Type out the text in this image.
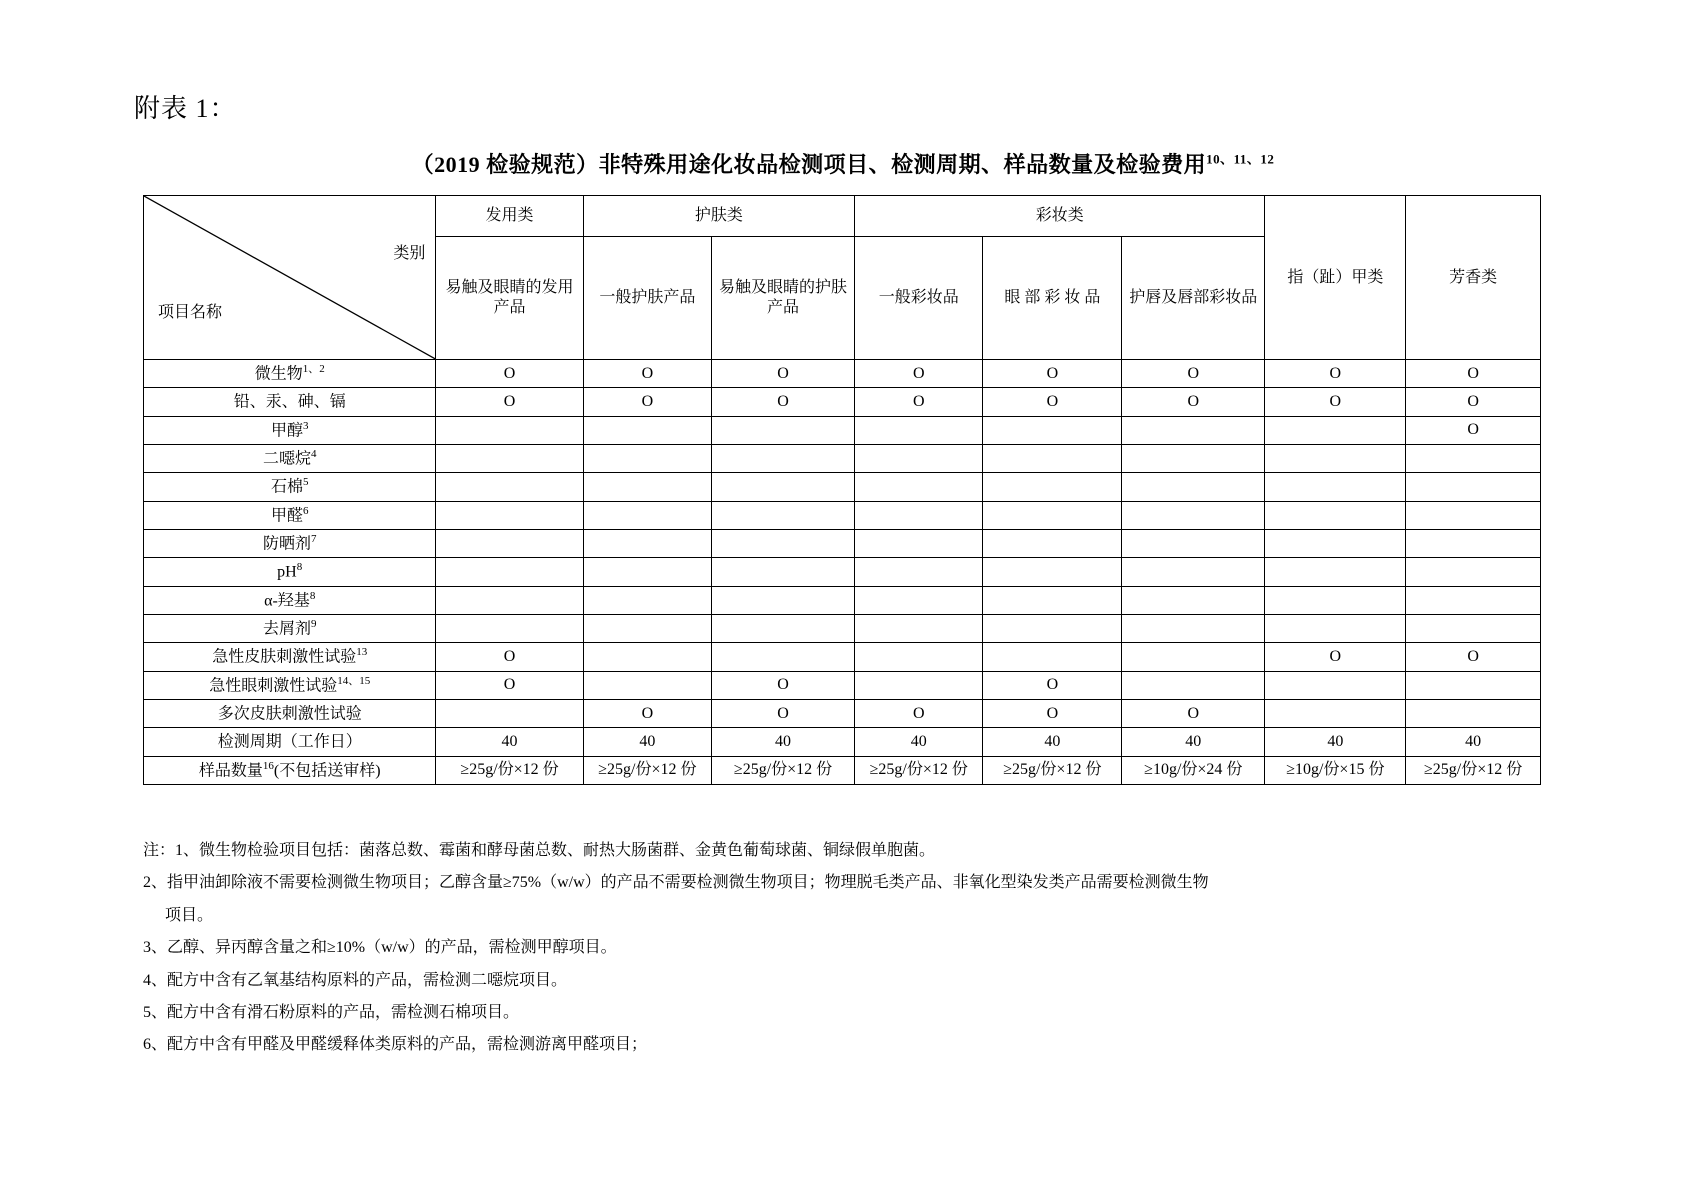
附表 1：
（2019 检验规范）非特殊用途化妆品检测项目、检测周期、样品数量及检验费用$^{10、11、12}$
类别
项目名称	发用类	护肤类		彩妆类			指（趾）甲类	芳香类
	易触及眼睛的发用产品	一般护肤产品	易触及眼睛的护肤产品	一般彩妆品	眼 部 彩 妆 品	护唇及唇部彩妆品		
微生物$^{1、2}$	O	O	O	O	O	O	O	O
铅、汞、砷、镉	O	O	O	O	O	O	O	O
甲醇$^3$								O
二噁烷$^4$								
石棉$^5$								
甲醛$^6$								
防晒剂$^7$								
$pH^8$								
α-羟基$^8$								
去屑剂$^9$								
急性皮肤刺激性试验$^{13}$	O						O	O
急性眼刺激性试验$^{14、15}$	O		O		O			
多次皮肤刺激性试验		O	O	O	O	O		
检测周期（工作日）	40	40	40	40	40	40	40	40
样品数量$^{16}$(不包括送审样)	≥25g/份×12 份	≥25g/份×12 份	≥25g/份×12 份	≥25g/份×12 份	≥25g/份×12 份	≥10g/份×24 份	≥10g/份×15 份	≥25g/份×12 份

注：1、微生物检验项目包括：菌落总数、霉菌和酵母菌总数、耐热大肠菌群、金黄色葡萄球菌、铜绿假单胞菌。

2、指甲油卸除液不需要检测微生物项目；乙醇含量≥75%（w/w）的产品不需要检测微生物项目；物理脱毛类产品、非氧化型染发类产品需要检测微生物

项目。

3、乙醇、异丙醇含量之和≥10%（w/w）的产品，需检测甲醇项目。

4、配方中含有乙氧基结构原料的产品，需检测二噁烷项目。

5、配方中含有滑石粉原料的产品，需检测石棉项目。

6、配方中含有甲醛及甲醛缓释体类原料的产品，需检测游离甲醛项目；
